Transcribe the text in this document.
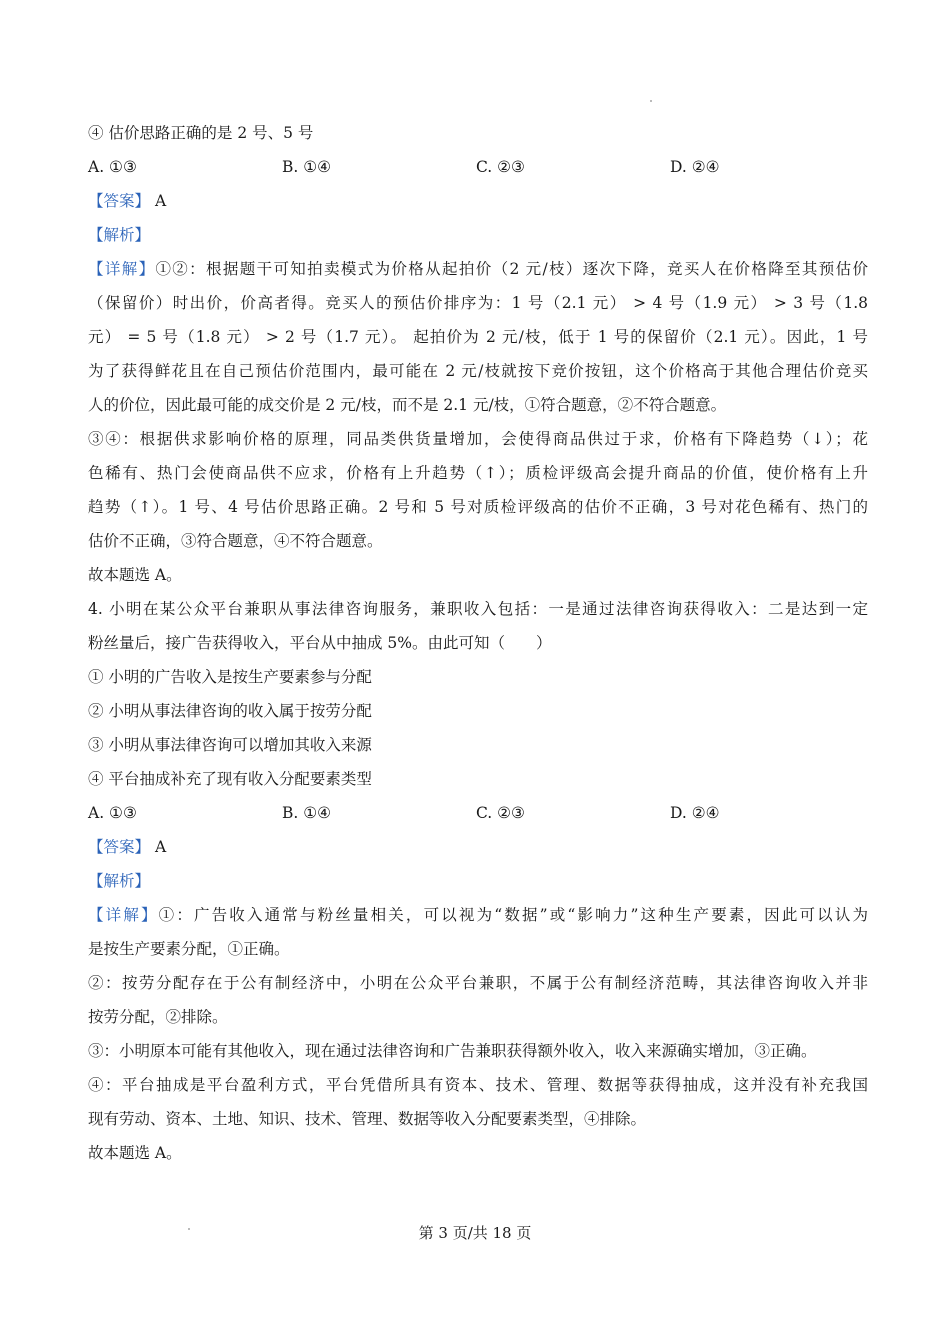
④ 估价思路正确的是 2 号、5 号
A. ①③	B. ①④	C. ②③	D. ②④
【答案】 A
【解析】
【详解】①②：根据题干可知拍卖模式为价格从起拍价（2 元/枝）逐次下降，竞买人在价格降至其预估价
（保留价）时出价，价高者得。竞买人的预估价排序为：1 号（2.1 元） > 4 号（1.9 元） > 3 号（1.8
元） = 5 号（1.8 元） > 2 号（1.7 元）。 起拍价为 2 元/枝，低于 1 号的保留价（2.1 元）。因此，1 号
为了获得鲜花且在自己预估价范围内，最可能在 2 元/枝就按下竞价按钮，这个价格高于其他合理估价竞买
人的价位，因此最可能的成交价是 2 元/枝，而不是 2.1 元/枝，①符合题意，②不符合题意。
③④：根据供求影响价格的原理，同品类供货量增加，会使得商品供过于求，价格有下降趋势（↓）；花
色稀有、热门会使商品供不应求，价格有上升趋势（↑）；质检评级高会提升商品的价值，使价格有上升
趋势（↑）。1 号、4 号估价思路正确。2 号和 5 号对质检评级高的估价不正确，3 号对花色稀有、热门的
估价不正确，③符合题意，④不符合题意。
故本题选 A。
4. 小明在某公众平台兼职从事法律咨询服务，兼职收入包括：一是通过法律咨询获得收入：二是达到一定
粉丝量后，接广告获得收入，平台从中抽成 5%。由此可知（　　）
① 小明的广告收入是按生产要素参与分配
② 小明从事法律咨询的收入属于按劳分配
③ 小明从事法律咨询可以增加其收入来源
④ 平台抽成补充了现有收入分配要素类型
A. ①③	B. ①④	C. ②③	D. ②④
【答案】 A
【解析】
【详解】①：广告收入通常与粉丝量相关，可以视为“数据”或“影响力”这种生产要素，因此可以认为
是按生产要素分配，①正确。
②：按劳分配存在于公有制经济中，小明在公众平台兼职，不属于公有制经济范畴，其法律咨询收入并非
按劳分配，②排除。
③：小明原本可能有其他收入，现在通过法律咨询和广告兼职获得额外收入，收入来源确实增加，③正确。
④：平台抽成是平台盈利方式，平台凭借所具有资本、技术、管理、数据等获得抽成，这并没有补充我国
现有劳动、资本、土地、知识、技术、管理、数据等收入分配要素类型，④排除。
故本题选 A。
第 3 页/共 18 页
